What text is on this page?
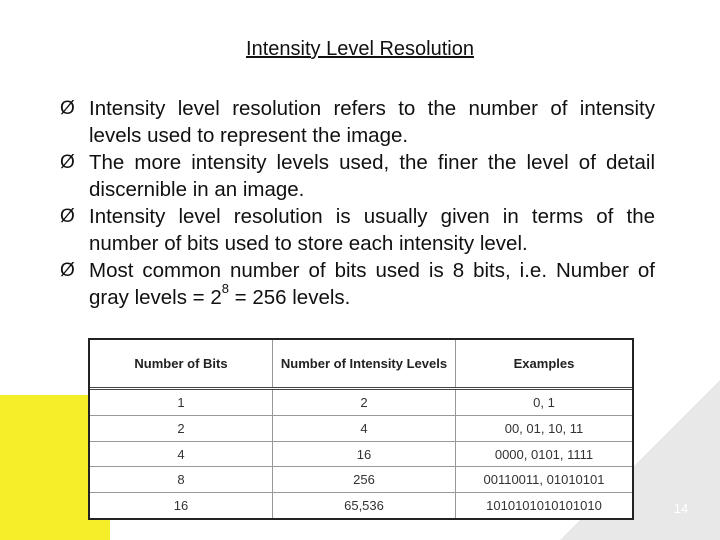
Intensity Level Resolution
Ø Intensity level resolution refers to the number of intensity levels used to represent the image.
Ø The more intensity levels used, the finer the level of detail discernible in an image.
Ø Intensity level resolution is usually given in terms of the number of bits used to store each intensity level.
Ø Most common number of bits used is 8 bits, i.e. Number of gray levels = $2^8 = 256$ levels.
Number of Bits	Number of Intensity Levels	Examples
1	2	0, 1
2	4	00, 01, 10, 11
4	16	0000, 0101, 1111
8	256	00110011, 01010101
16	65,536	1010101010101010	14
